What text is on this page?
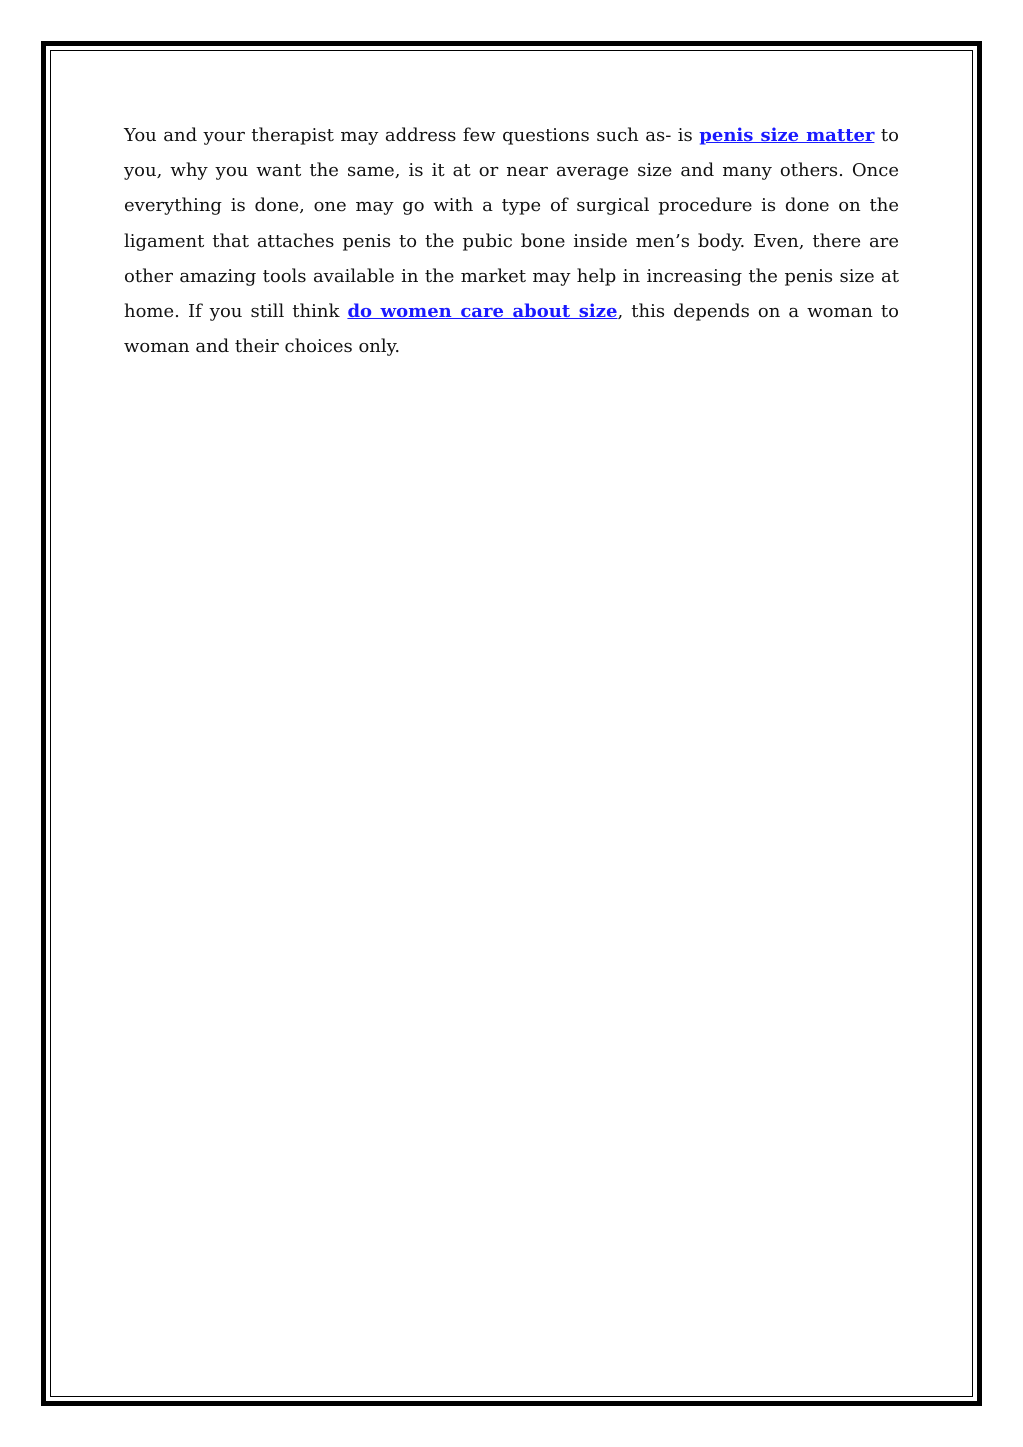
You and your therapist may address few questions such as- is penis size matter to you, why you want the same, is it at or near average size and many others. Once everything is done, one may go with a type of surgical procedure is done on the ligament that attaches penis to the pubic bone inside men’s body. Even, there are other amazing tools available in the market may help in increasing the penis size at home. If you still think do women care about size, this depends on a woman to woman and their choices only.
